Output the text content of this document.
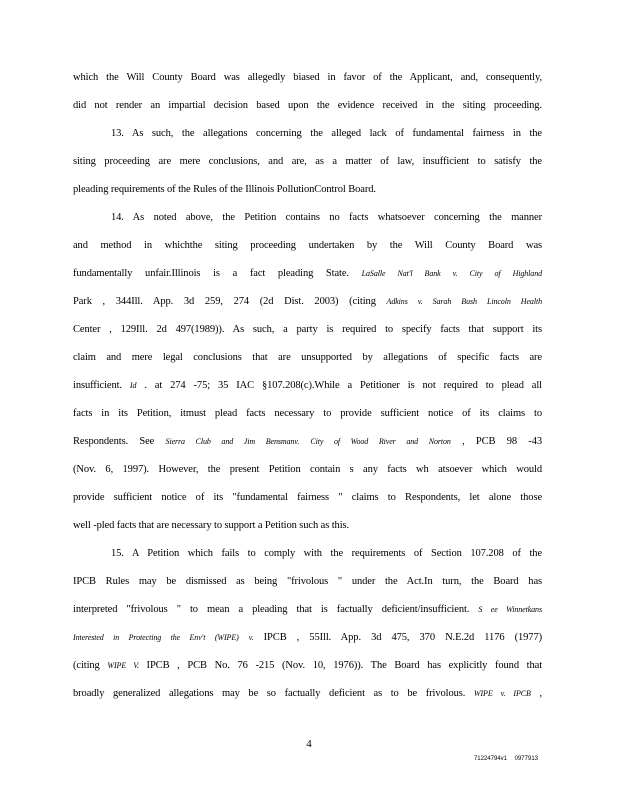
which the Will County Board was allegedly biased in favor of the Applicant, and, consequently,
did not render an impartial decision based upon the evidence received in the siting proceeding.
13. As such, the allegations concerning the alleged lack of fundamental fairness in the
siting proceeding are mere conclusions, and are, as a matter of law, insufficient to satisfy the
pleading requirements of the Rules of the Illinois PollutionControl Board.
14. As noted above, the Petition contains no facts whatsoever concerning the manner
and method in whichthe siting proceeding undertaken by the Will County Board was
fundamentally unfair.Illinois is a fact pleading State. LaSalle Nat'l Bank v. City of Highland
Park , 344Ill. App. 3d 259, 274 (2d Dist. 2003) (citing Adkins v. Sarah Bush Lincoln Health
Center , 129Ill. 2d 497(1989)). As such, a party is required to specify facts that support its
claim and mere legal conclusions that are unsupported by allegations of specific facts are
insufficient. Id . at 274 -75; 35 IAC §107.208(c).While a Petitioner is not required to plead all
facts in its Petition, itmust plead facts necessary to provide sufficient notice of its claims to
Respondents. See Sierra Club and Jim Bensmanv. City of Wood River and Norton , PCB 98 -43
(Nov. 6, 1997). However, the present Petition contain s any facts wh atsoever which would
provide sufficient notice of its "fundamental fairness " claims to Respondents, let alone those
well -pled facts that are necessary to support a Petition such as this.
15. A Petition which fails to comply with the requirements of Section 107.208 of the
IPCB Rules may be dismissed as being "frivolous " under the Act.In turn, the Board has
interpreted "frivolous " to mean a pleading that is factually deficient/insufficient. S ee Winnetkans
Interested in Protecting the Env't (WIPE) v. IPCB , 55Ill. App. 3d 475, 370 N.E.2d 1176 (1977)
(citing WIPE V. IPCB , PCB No. 76 -215 (Nov. 10, 1976)). The Board has explicitly found that
broadly generalized allegations may be so factually deficient as to be frivolous. WIPE v. IPCB ,
4
71224794v1 0977913
